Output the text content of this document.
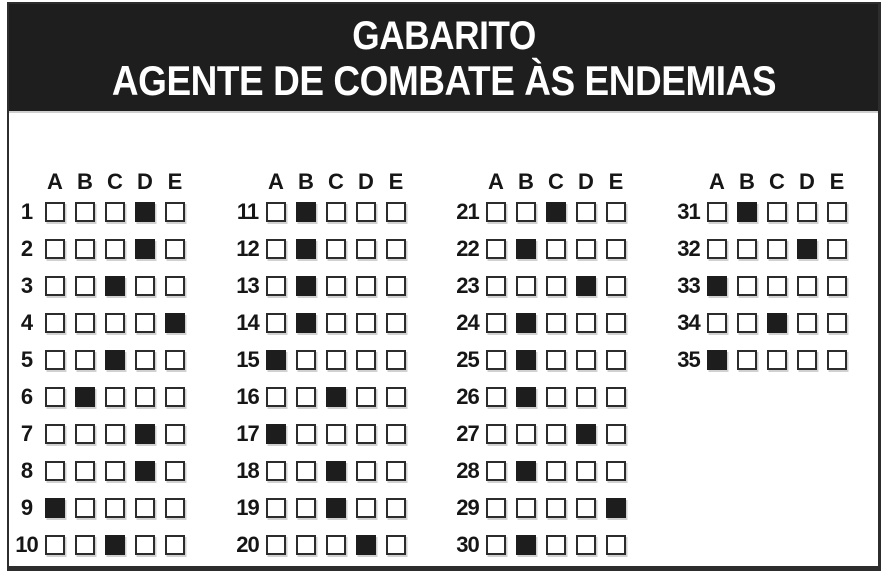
GABARITO
AGENTE DE COMBATE ÀS ENDEMIAS
A B C D E
1
2
3
4
5
6
7
8
9
10
A B C D E
11
12
13
14
15
16
17
18
19
20
A B C D E
21
22
23
24
25
26
27
28
29
30
A B C D E
31
32
33
34
35
